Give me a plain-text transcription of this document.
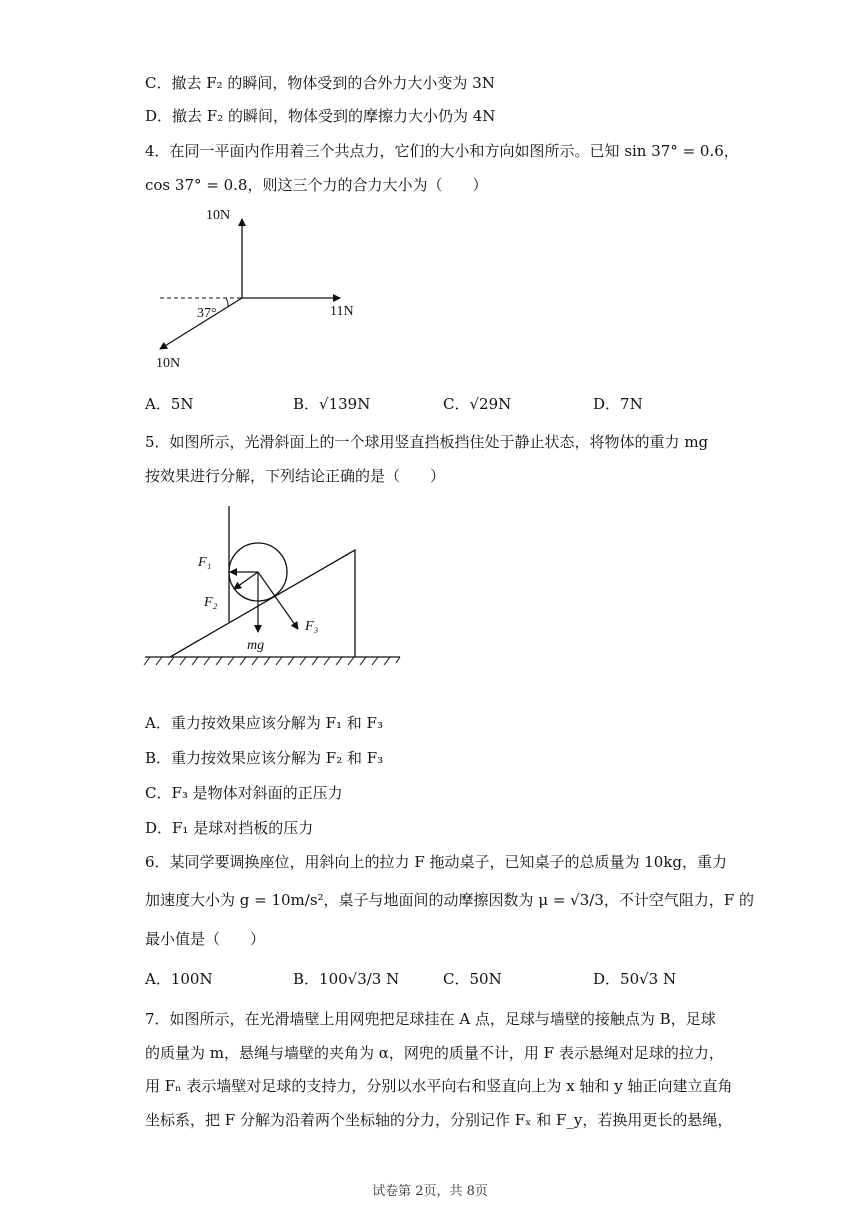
C．撤去 F₂ 的瞬间，物体受到的合外力大小变为 3N
D．撤去 F₂ 的瞬间，物体受到的摩擦力大小仍为 4N
4．在同一平面内作用着三个共点力，它们的大小和方向如图所示。已知 sin 37° = 0.6，
cos 37° = 0.8，则这三个力的合力大小为（　　）
10N
11N
37°
10N
A．5N	B．√139N	C．√29N	D．7N
5．如图所示，光滑斜面上的一个球用竖直挡板挡住处于静止状态，将物体的重力 mg
按效果进行分解，下列结论正确的是（　　）
F₁
F₂
F₃
mg
A．重力按效果应该分解为 F₁ 和 F₃
B．重力按效果应该分解为 F₂ 和 F₃
C．F₃ 是物体对斜面的正压力
D．F₁ 是球对挡板的压力
6．某同学要调换座位，用斜向上的拉力 F 拖动桌子，已知桌子的总质量为 10kg，重力
加速度大小为 g = 10m/s²，桌子与地面间的动摩擦因数为 μ = √3/3，不计空气阻力，F 的
最小值是（　　）
A．100N	B．100√3/3 N	C．50N	D．50√3 N
7．如图所示，在光滑墙壁上用网兜把足球挂在 A 点，足球与墙壁的接触点为 B，足球
的质量为 m，悬绳与墙壁的夹角为 α，网兜的质量不计，用 F 表示悬绳对足球的拉力，
用 Fₙ 表示墙壁对足球的支持力，分别以水平向右和竖直向上为 x 轴和 y 轴正向建立直角
坐标系，把 F 分解为沿着两个坐标轴的分力，分别记作 Fₓ 和 F_y，若换用更长的悬绳，
试卷第 2页，共 8页
